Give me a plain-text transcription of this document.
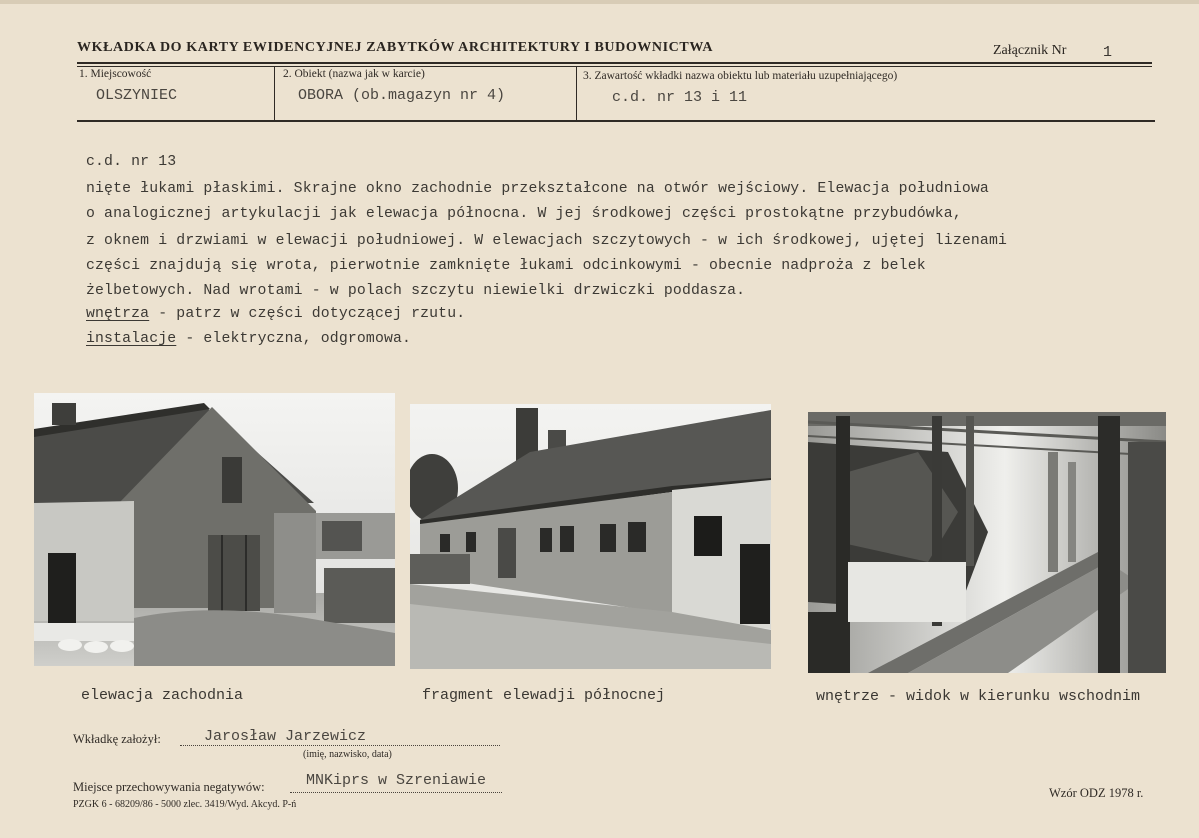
WKŁADKA DO KARTY EWIDENCYJNEJ ZABYTKÓW ARCHITEKTURY I BUDOWNICTWA	Załącznik Nr 1
1. Miejscowość
OLSZYNIEC
2. Obiekt (nazwa jak w karcie)
OBORA (ob.magazyn nr 4)
3. Zawartość wkładki nazwa obiektu lub materiału uzupełniającego)
c.d. nr 13 i 11
c.d. nr 13
nięte łukami płaskimi. Skrajne okno zachodnie przekształcone na otwór wejściowy. Elewacja południowa
o analogicznej artykulacji jak elewacja północna. W jej środkowej części prostokątne przybudówka,
z oknem i drzwiami w elewacji południowej. W elewacjach szczytowych - w ich środkowej, ujętej lizenami
części znajdują się wrota, pierwotnie zamknięte łukami odcinkowymi - obecnie nadproża z belek
żelbetowych. Nad wrotami - w polach szczytu niewielki drzwiczki poddasza.
wnętrza - patrz w części dotyczącej rzutu.
instalacje - elektryczna, odgromowa.
elewacja zachodnia	fragment elewadji północnej	wnętrze - widok w kierunku wschodnim
Wkładkę założył:	Jarosław Jarzewicz
(imię, nazwisko, data)
Miejsce przechowywania negatywów:	MNKiprs w Szreniawie
PZGK 6 - 68209/86 - 5000 zlec. 3419/Wyd. Akcyd. P-ń
Wzór ODZ 1978 r.
